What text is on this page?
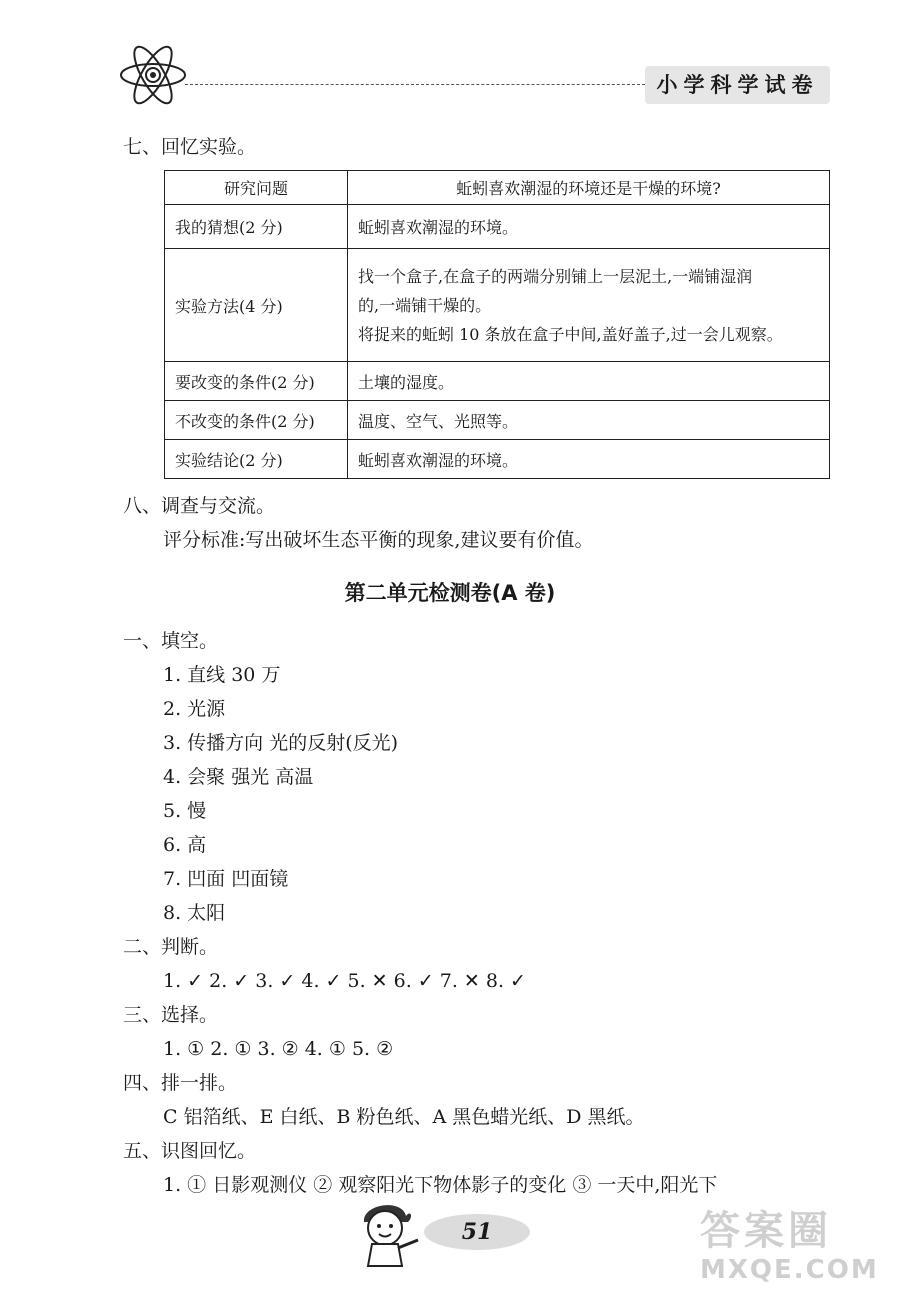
小学科学试卷
七、回忆实验。
研究问题	蚯蚓喜欢潮湿的环境还是干燥的环境?
我的猜想(2 分)	蚯蚓喜欢潮湿的环境。
实验方法(4 分)	找一个盒子,在盒子的两端分别铺上一层泥土,一端铺湿润
的,一端铺干燥的。
将捉来的蚯蚓 10 条放在盒子中间,盖好盖子,过一会儿观察。

要改变的条件(2 分)	土壤的湿度。
不改变的条件(2 分)	温度、空气、光照等。
实验结论(2 分)	蚯蚓喜欢潮湿的环境。
八、调查与交流。
评分标准:写出破坏生态平衡的现象,建议要有价值。
第二单元检测卷(A 卷)
一、填空。
1. 直线 30 万
2. 光源
3. 传播方向 光的反射(反光)
4. 会聚 强光 高温
5. 慢
6. 高
7. 凹面 凹面镜
8. 太阳
二、判断。
1. ✓ 2. ✓ 3. ✓ 4. ✓ 5. ✕ 6. ✓ 7. ✕ 8. ✓
三、选择。
1. ① 2. ① 3. ② 4. ① 5. ②
四、排一排。
C 铝箔纸、E 白纸、B 粉色纸、A 黑色蜡光纸、D 黑纸。
五、识图回忆。
1. ① 日影观测仪 ② 观察阳光下物体影子的变化 ③ 一天中,阳光下
51	答案圈
MXQE.COM
